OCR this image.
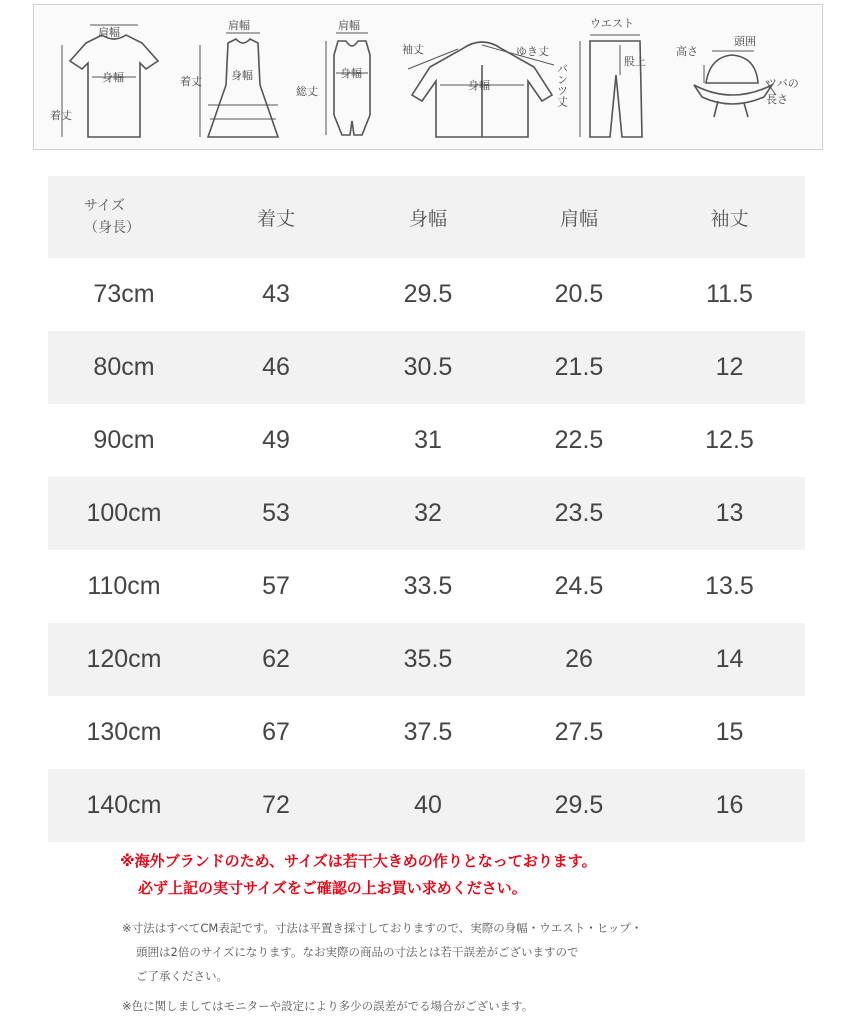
肩幅
身幅
着丈
肩幅
身幅
着丈
肩幅
身幅
総丈
袖丈	ゆき丈
身幅
ウエスト
股上
パンツ丈
高さ
頭囲
ツバの
長さ
サイズ
（身長）	着丈	身幅	肩幅	袖丈
73cm	43	29.5	20.5	11.5
80cm	46	30.5	21.5	12
90cm	49	31	22.5	12.5
100cm	53	32	23.5	13
110cm	57	33.5	24.5	13.5
120cm	62	35.5	26	14
130cm	67	37.5	27.5	15
140cm	72	40	29.5	16
※海外ブランドのため、サイズは若干大きめの作りとなっております。
必ず上記の実寸サイズをご確認の上お買い求めください。
※寸法はすべてCM表記です。寸法は平置き採寸しておりますので、実際の身幅・ウエスト・ヒップ・
頭囲は2倍のサイズになります。なお実際の商品の寸法とは若干誤差がございますので
ご了承ください。
※色に関しましてはモニターや設定により多少の誤差がでる場合がございます。
